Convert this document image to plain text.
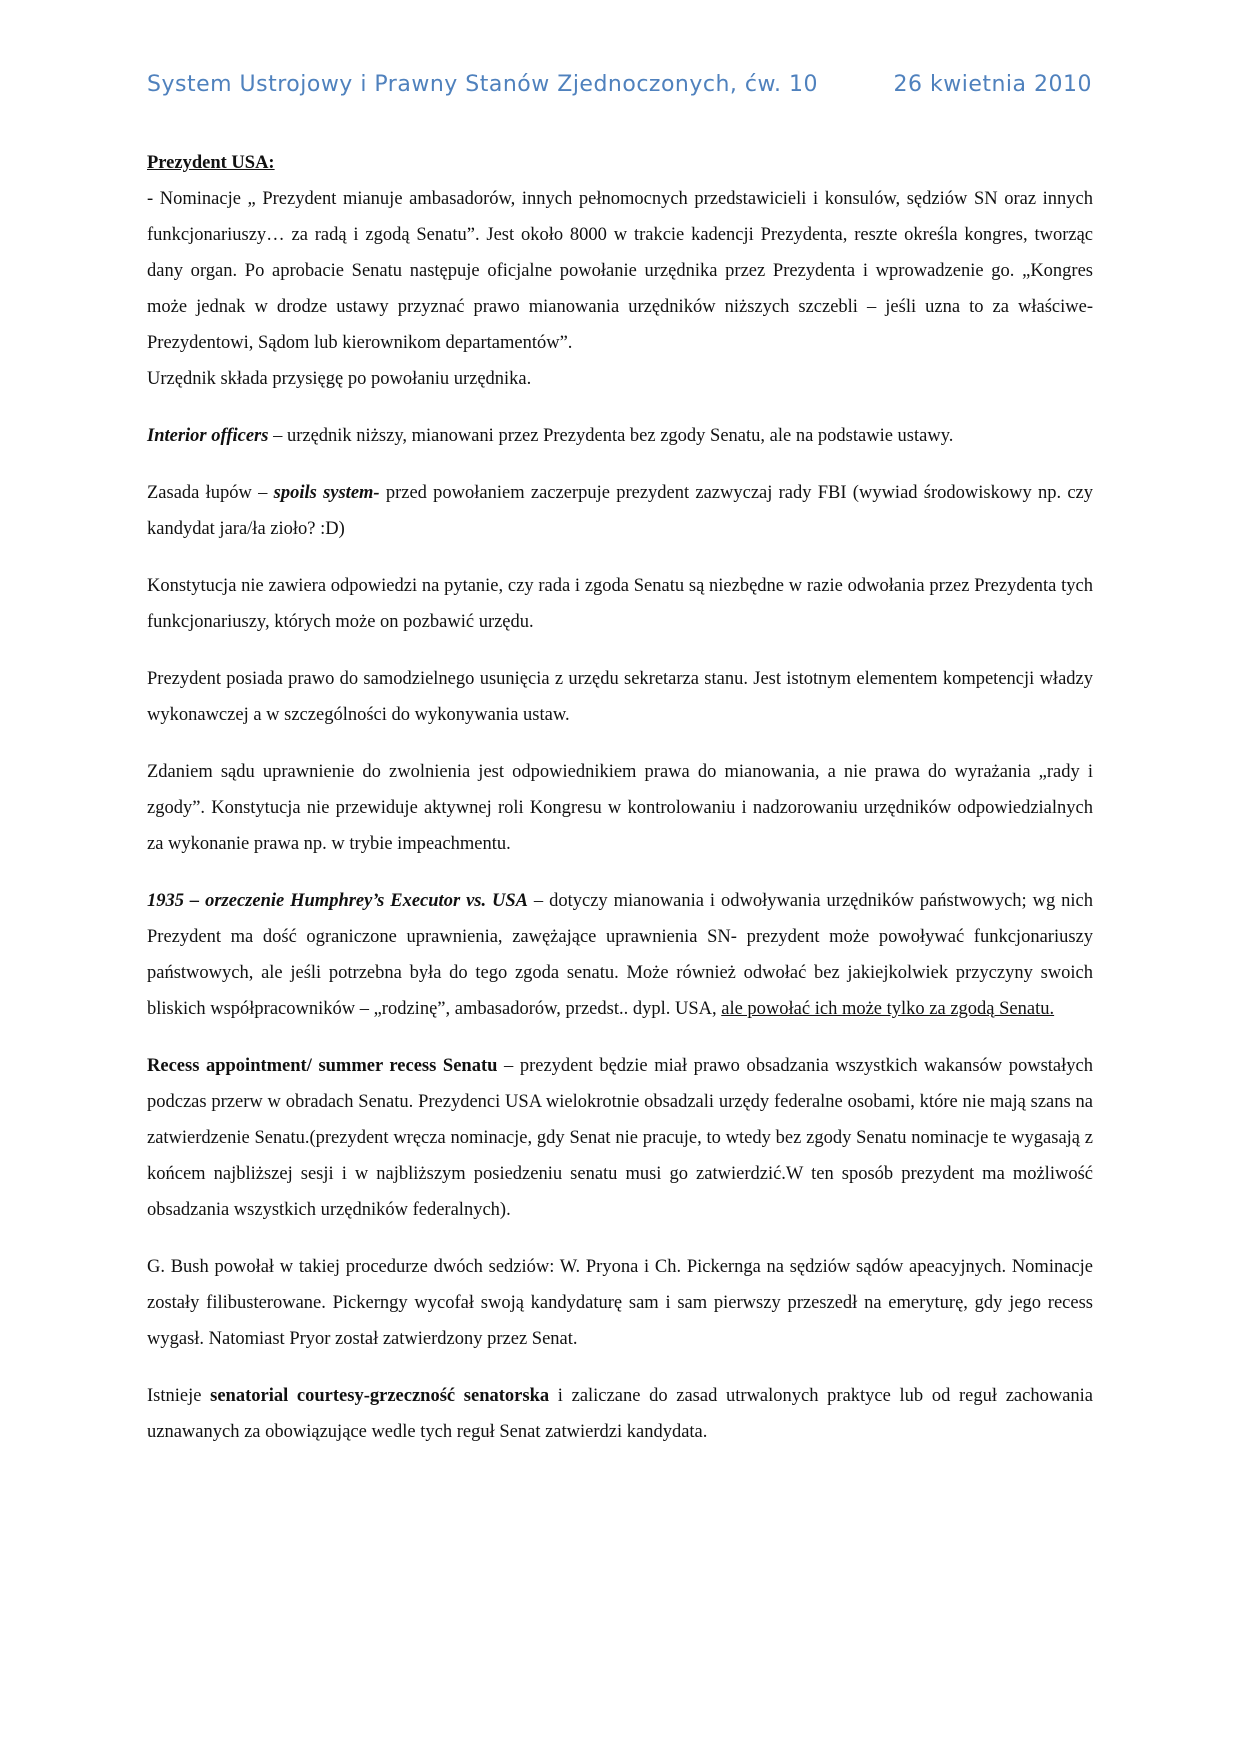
System Ustrojowy i Prawny Stanów Zjednoczonych, ćw. 10	26 kwietnia 2010
Prezydent USA:

- Nominacje „ Prezydent mianuje ambasadorów, innych pełnomocnych przedstawicieli i konsulów, sędziów SN oraz innych funkcjonariuszy… za radą i zgodą Senatu”. Jest około 8000 w trakcie kadencji Prezydenta, reszte określa kongres, tworząc dany organ. Po aprobacie Senatu następuje oficjalne powołanie urzędnika przez Prezydenta i wprowadzenie go. „Kongres może jednak w drodze ustawy przyznać prawo mianowania urzędników niższych szczebli – jeśli uzna to za właściwe- Prezydentowi, Sądom lub kierownikom departamentów”.

Urzędnik składa przysięgę po powołaniu urzędnika.

Interior officers – urzędnik niższy, mianowani przez Prezydenta bez zgody Senatu, ale na podstawie ustawy.

Zasada łupów – spoils system- przed powołaniem zaczerpuje prezydent zazwyczaj rady FBI (wywiad środowiskowy np. czy kandydat jara/ła zioło? :D)

Konstytucja nie zawiera odpowiedzi na pytanie, czy rada i zgoda Senatu są niezbędne w razie odwołania przez Prezydenta tych funkcjonariuszy, których może on pozbawić urzędu.

Prezydent posiada prawo do samodzielnego usunięcia z urzędu sekretarza stanu. Jest istotnym elementem kompetencji władzy wykonawczej a w szczególności do wykonywania ustaw.

Zdaniem sądu uprawnienie do zwolnienia jest odpowiednikiem prawa do mianowania, a nie prawa do wyrażania „rady i zgody”. Konstytucja nie przewiduje aktywnej roli Kongresu w kontrolowaniu i nadzorowaniu urzędników odpowiedzialnych za wykonanie prawa np. w trybie impeachmentu.

1935 – orzeczenie Humphrey’s Executor vs. USA – dotyczy mianowania i odwoływania urzędników państwowych; wg nich Prezydent ma dość ograniczone uprawnienia, zawężające uprawnienia SN- prezydent może powoływać funkcjonariuszy państwowych, ale jeśli potrzebna była do tego zgoda senatu. Może również odwołać bez jakiejkolwiek przyczyny swoich bliskich współpracowników – „rodzinę”, ambasadorów, przedst.. dypl. USA, ale powołać ich może tylko za zgodą Senatu.

Recess appointment/ summer recess Senatu – prezydent będzie miał prawo obsadzania wszystkich wakansów powstałych podczas przerw w obradach Senatu. Prezydenci USA wielokrotnie obsadzali urzędy federalne osobami, które nie mają szans na zatwierdzenie Senatu.(prezydent wręcza nominacje, gdy Senat nie pracuje, to wtedy bez zgody Senatu nominacje te wygasają z końcem najbliższej sesji i w najbliższym posiedzeniu senatu musi go zatwierdzić.W ten sposób prezydent ma możliwość obsadzania wszystkich urzędników federalnych).

G. Bush powołał w takiej procedurze dwóch sedziów: W. Pryona i Ch. Pickernga na sędziów sądów apeacyjnych. Nominacje zostały filibusterowane. Pickerngy wycofał swoją kandydaturę sam i sam pierwszy przeszedł na emeryturę, gdy jego recess wygasł. Natomiast Pryor został zatwierdzony przez Senat.

Istnieje senatorial courtesy-grzeczność senatorska i zaliczane do zasad utrwalonych praktyce lub od reguł zachowania uznawanych za obowiązujące wedle tych reguł Senat zatwierdzi kandydata.
